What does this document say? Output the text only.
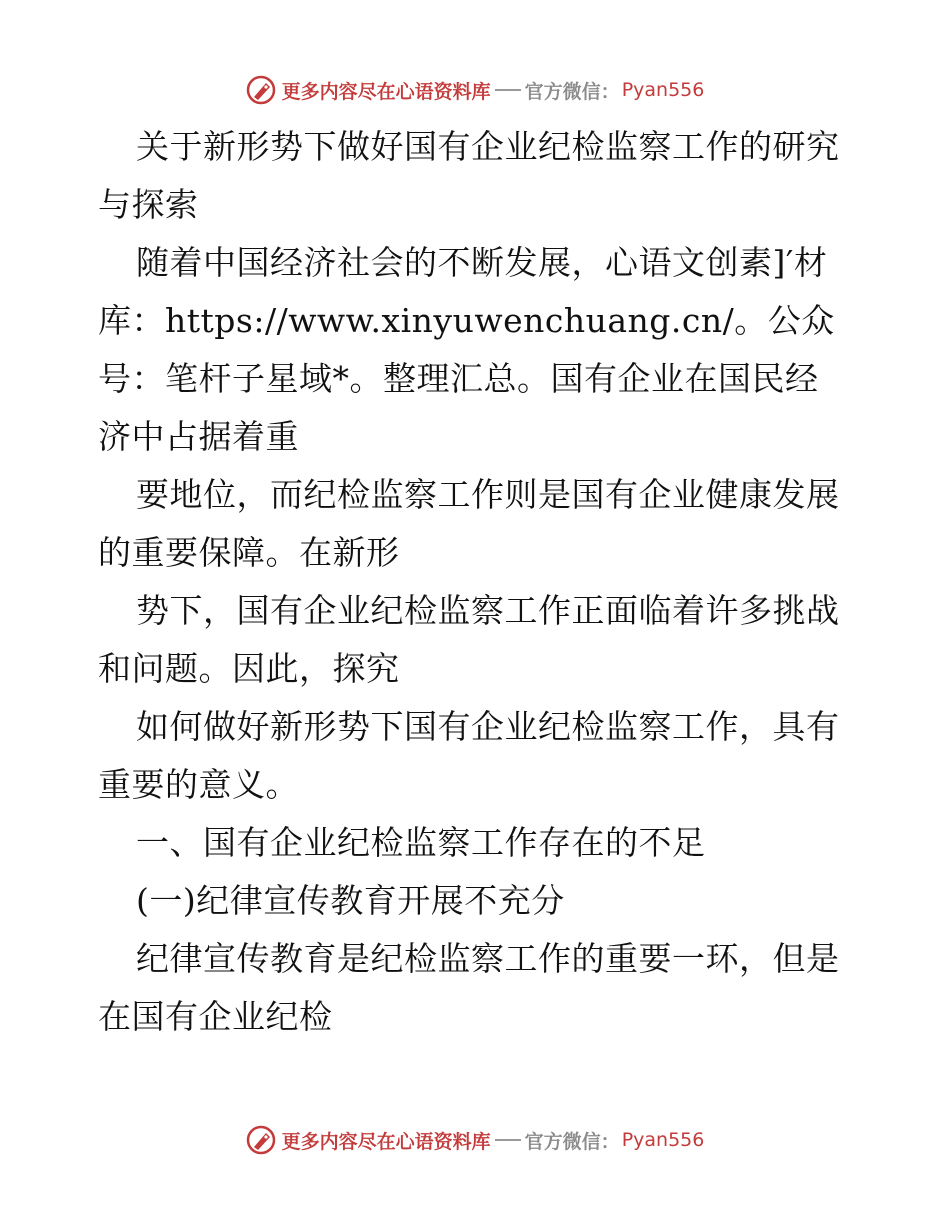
更多内容尽在心语资料库 官方微信： Pyan556

关于新形势下做好国有企业纪检监察工作的研究与探索

随着中国经济社会的不断发展，心语文创素]′材库：https://www.xinyuwenchuang.cn/。公众号：笔杆子星域*。整理汇总。国有企业在国民经济中占据着重

要地位，而纪检监察工作则是国有企业健康发展的重要保障。在新形

势下，国有企业纪检监察工作正面临着许多挑战和问题。因此，探究

如何做好新形势下国有企业纪检监察工作，具有重要的意义。

一、国有企业纪检监察工作存在的不足

(一)纪律宣传教育开展不充分

纪律宣传教育是纪检监察工作的重要一环，但是在国有企业纪检

更多内容尽在心语资料库 官方微信： Pyan556
